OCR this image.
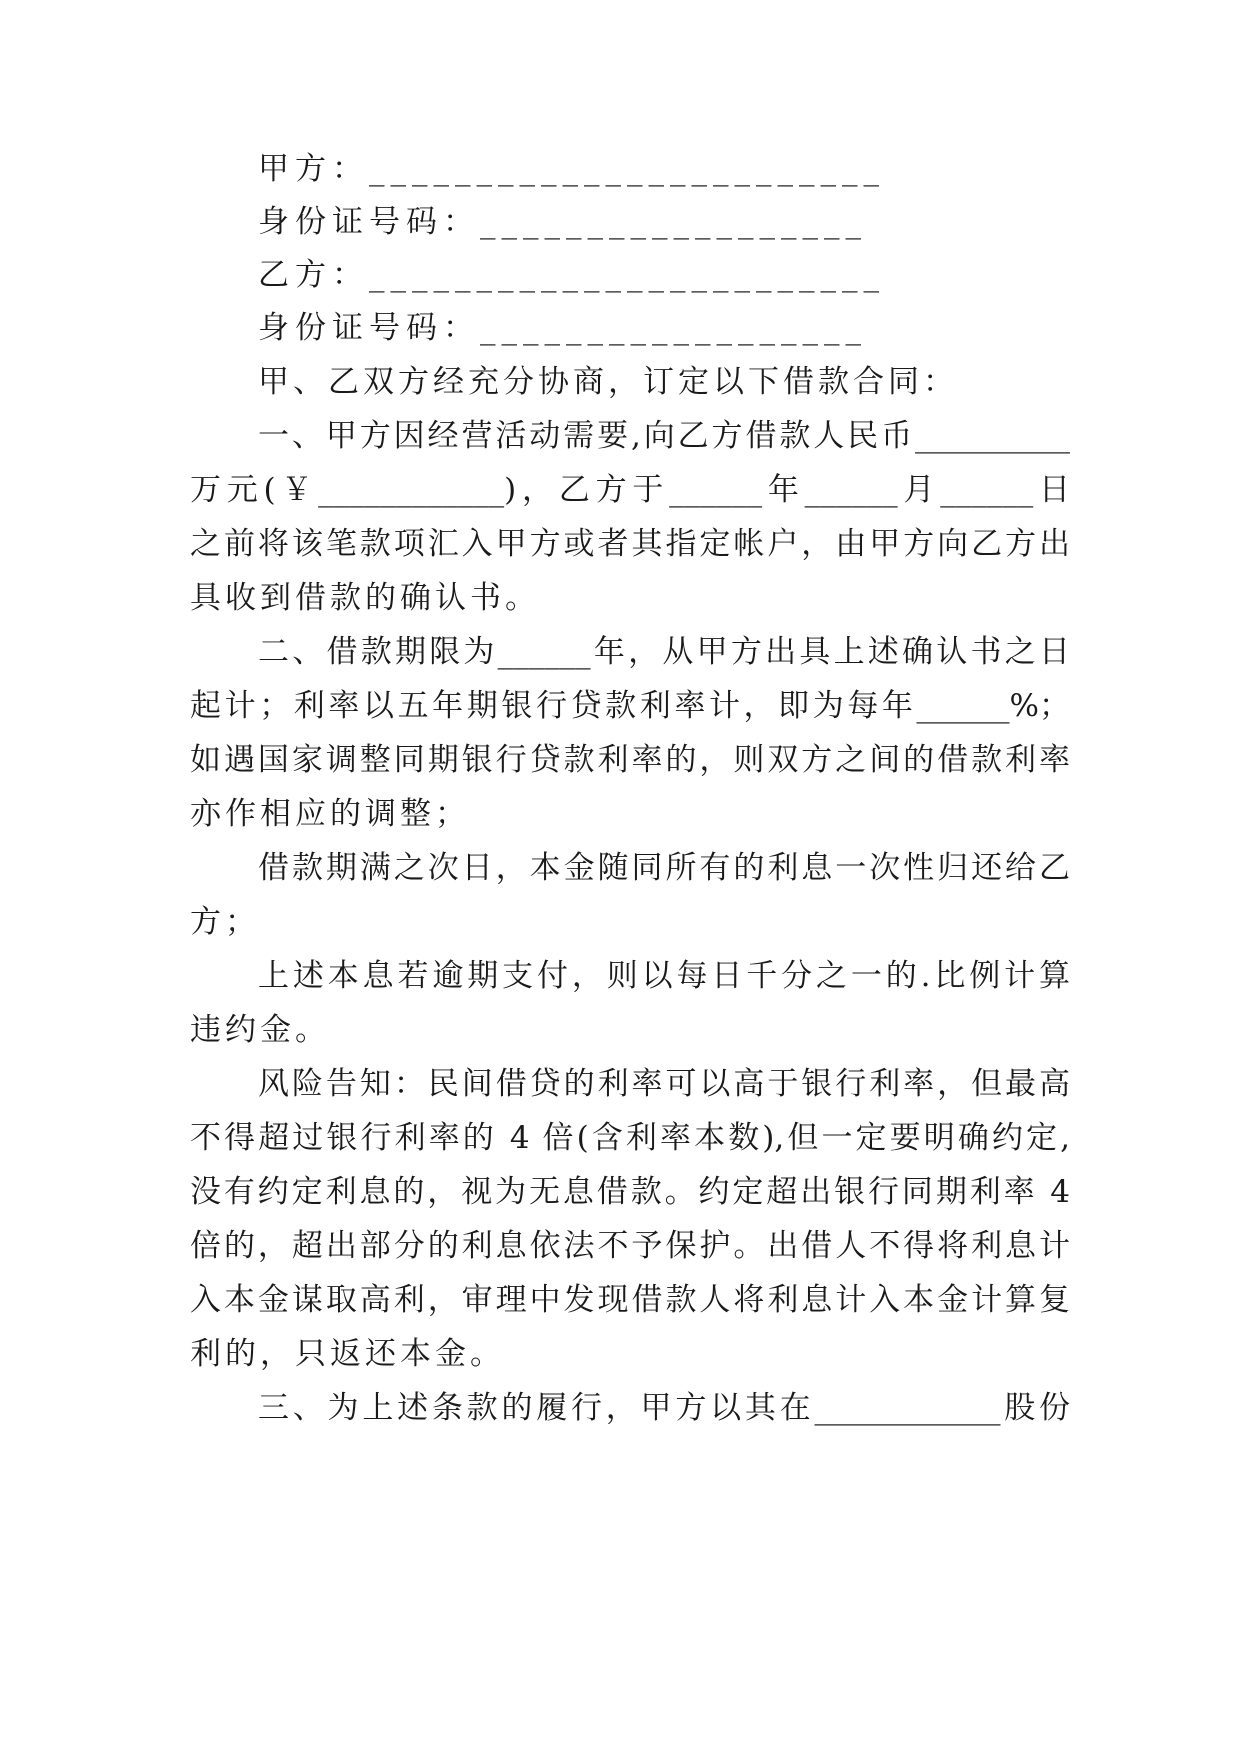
甲方：________________________
身份证号码：__________________
乙方：________________________
身份证号码：__________________
甲、乙双方经充分协商，订定以下借款合同：
一、甲方因经营活动需要,向乙方借款人民币__________
万元(￥____________)，乙方于______年______月______日
之前将该笔款项汇入甲方或者其指定帐户，由甲方向乙方出
具收到借款的确认书。
二、借款期限为______年，从甲方出具上述确认书之日
起计；利率以五年期银行贷款利率计，即为每年______%；
如遇国家调整同期银行贷款利率的，则双方之间的借款利率
亦作相应的调整；
借款期满之次日，本金随同所有的利息一次性归还给乙
方；
上述本息若逾期支付，则以每日千分之一的.比例计算
违约金。
风险告知：民间借贷的利率可以高于银行利率，但最高
不得超过银行利率的 4 倍(含利率本数),但一定要明确约定,
没有约定利息的，视为无息借款。约定超出银行同期利率 4
倍的，超出部分的利息依法不予保护。出借人不得将利息计
入本金谋取高利，审理中发现借款人将利息计入本金计算复
利的，只返还本金。
三、为上述条款的履行，甲方以其在____________股份
